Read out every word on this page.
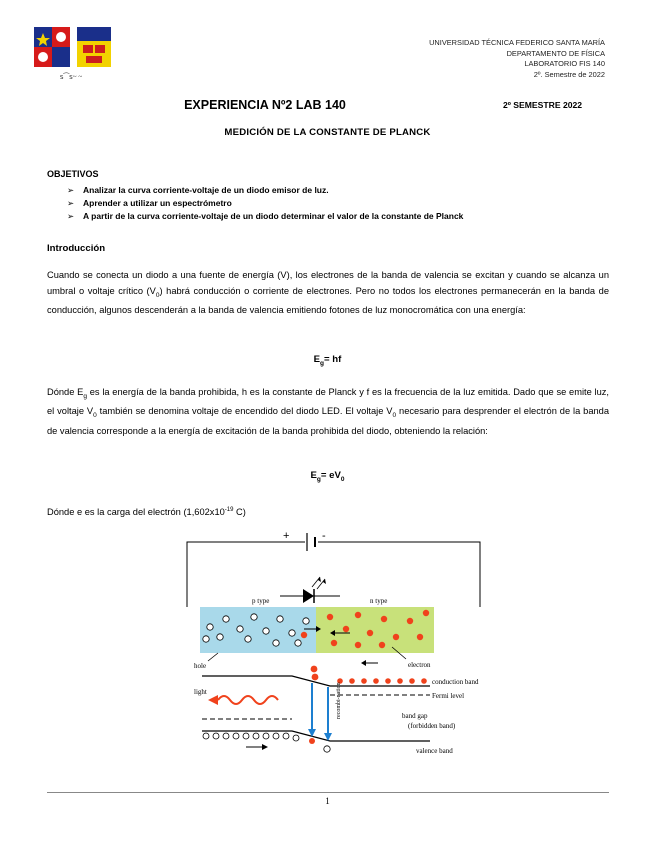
ꜱ⁀ꜱ~ ~
UNIVERSIDAD TÉCNICA FEDERICO SANTA MARÍA
DEPARTAMENTO DE FÍSICA
LABORATORIO FIS 140
2º. Semestre de 2022
EXPERIENCIA Nº2 LAB 140	2º SEMESTRE 2022
MEDICIÓN DE LA CONSTANTE DE PLANCK
OBJETIVOS
➢ Analizar la curva corriente-voltaje de un diodo emisor de luz.
➢ Aprender a utilizar un espectrómetro
➢ A partir de la curva corriente-voltaje de un diodo determinar el valor de la constante de Planck
Introducción
Cuando se conecta un diodo a una fuente de energía (V), los electrones de la banda de valencia se excitan y cuando se alcanza un umbral o voltaje crítico $(V_0)$ habrá conducción o corriente de electrones. Pero no todos los electrones permanecerán en la banda de conducción, algunos descenderán a la banda de valencia emitiendo fotones de luz monocromática con una energía:
$E_g=$ hf
Dónde $E_g$ es la energía de la banda prohibida, h es la constante de Planck y f es la frecuencia de la luz emitida. Dado que se emite luz, el voltaje $V_0$ también se denomina voltaje de encendido del diodo LED. El voltaje $V_0$ necesario para desprender el electrón de la banda de valencia corresponde a la energía de excitación de la banda prohibida del diodo, obteniendo la relación:
$E_g= eV_0$
Dónde e es la carga del electrón ($1,602x10^{-19}$ C)
+	-
p type	n type
hole	electron
conduction band
Fermi level
light	recombi-nation	band gap
(forbidden band)
valence band
1
